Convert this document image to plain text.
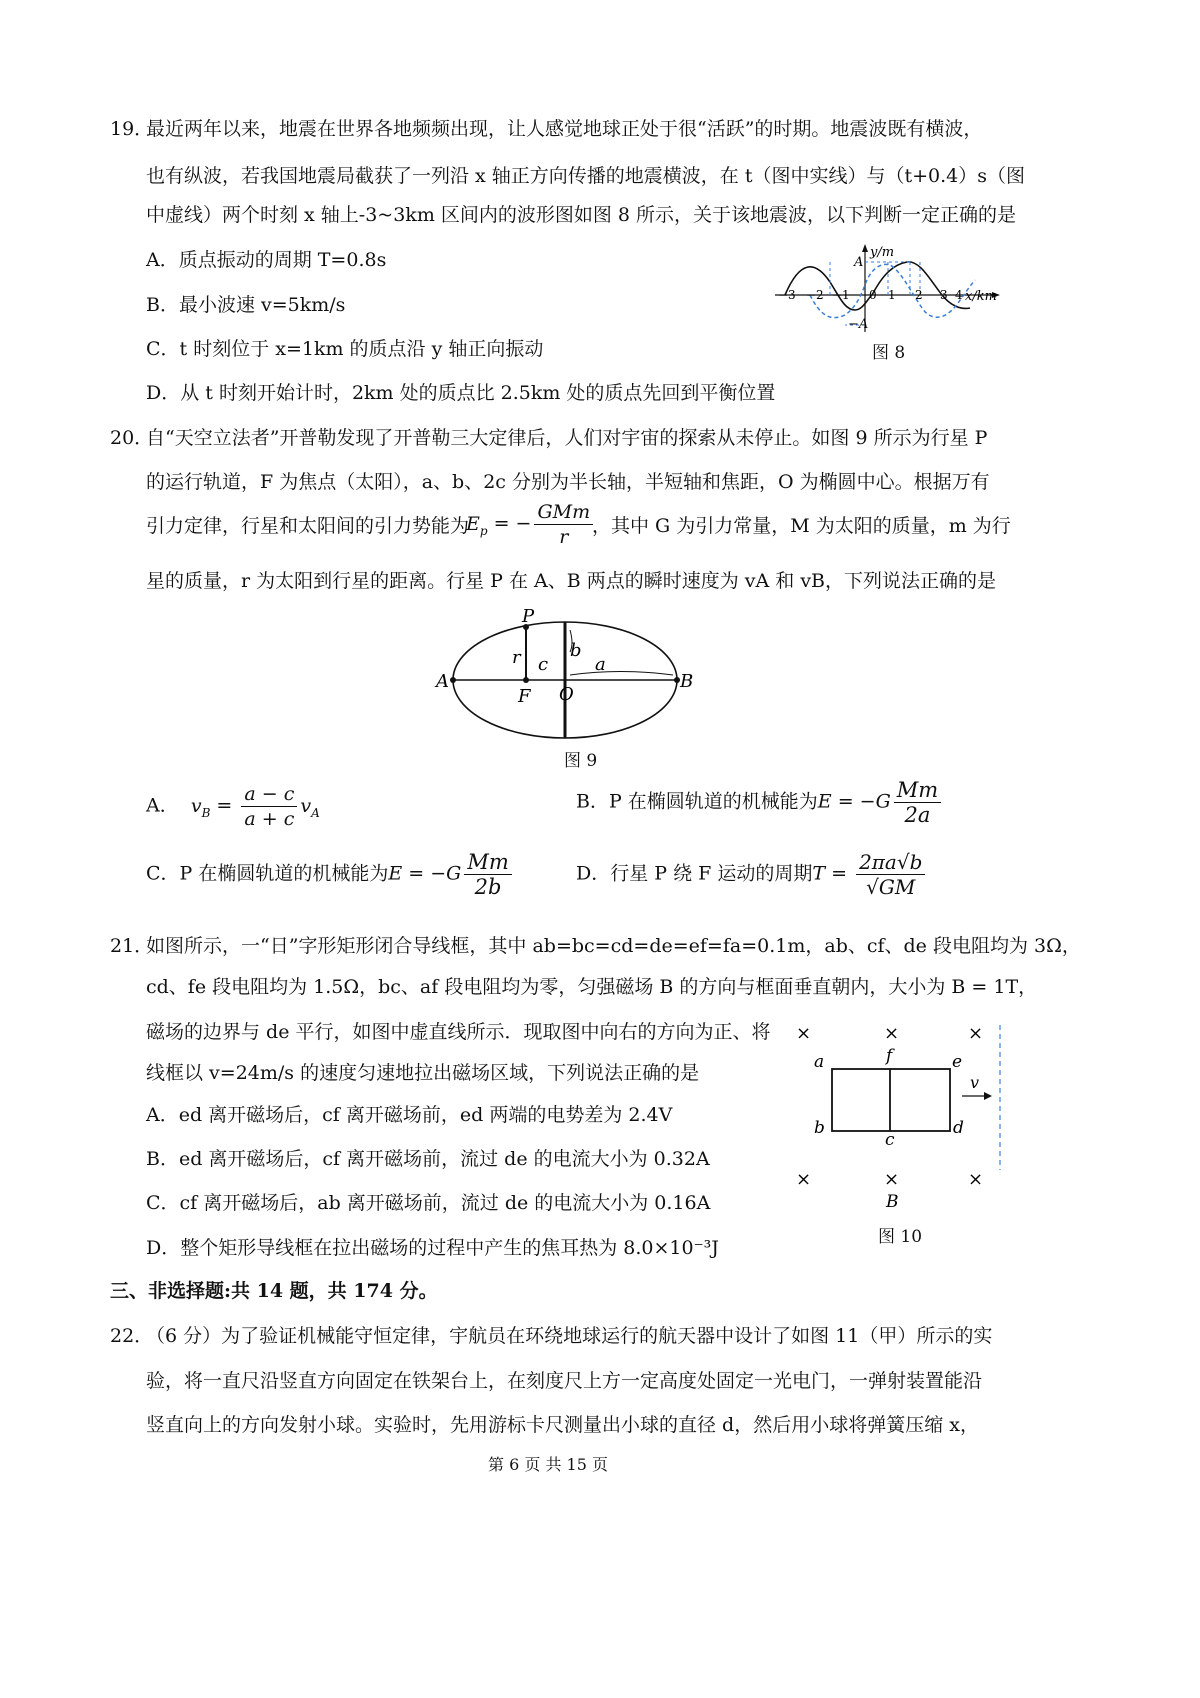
19．
最近两年以来，地震在世界各地频频出现，让人感觉地球正处于很“活跃”的时期。地震波既有横波，
也有纵波，若我国地震局截获了一列沿 x 轴正方向传播的地震横波，在 t（图中实线）与（t+0.4）s（图
中虚线）两个时刻 x 轴上-3~3km 区间内的波形图如图 8 所示，关于该地震波，以下判断一定正确的是
A．质点振动的周期 T=0.8s
B．最小波速 v=5km/s
C．t 时刻位于 x=1km 的质点沿 y 轴正向振动
D．从 t 时刻开始计时，2km 处的质点比 2.5km 处的质点先回到平衡位置
y/m
A
−A
x/km
−3 −2 −1 0 1 2 3 4
图 8
20．
自“天空立法者”开普勒发现了开普勒三大定律后，人们对宇宙的探索从未停止。如图 9 所示为行星 P
的运行轨道，F 为焦点（太阳），a、b、2c 分别为半长轴，半短轴和焦距，O 为椭圆中心。根据万有
引力定律，行星和太阳间的引力势能为
$E_p$ = − $\frac{\text{GMm}}{r}$
，其中 G 为引力常量，M 为太阳的质量，m 为行
星的质量，r 为太阳到行星的距离。行星 P 在 A、B 两点的瞬时速度为 vA 和 vB，下列说法正确的是
P
r c
b
a
A
F O
B
图 9
A． $v_B = \frac{a - c}{a + c} v_A$	B．P 在椭圆轨道的机械能为$E = -G \frac{Mm}{2a}$
C．P 在椭圆轨道的机械能为$E = -G \frac{Mm}{2b}$	D．行星 P 绕 F 运动的周期$T = \frac{2\pi a√b}{√GM}$
21．
如图所示，一“日”字形矩形闭合导线框，其中 ab=bc=cd=de=ef=fa=0.1m，ab、cf、de 段电阻均为 3Ω，
cd、fe 段电阻均为 1.5Ω，bc、af 段电阻均为零，匀强磁场 B 的方向与框面垂直朝内，大小为 B = 1T，
磁场的边界与 de 平行，如图中虚直线所示．现取图中向右的方向为正、将
线框以 v=24m/s 的速度匀速地拉出磁场区域，下列说法正确的是
A．ed 离开磁场后，cf 离开磁场前，ed 两端的电势差为 2.4V
B．ed 离开磁场后，cf 离开磁场前，流过 de 的电流大小为 0.32A
C．cf 离开磁场后，ab 离开磁场前，流过 de 的电流大小为 0.16A
D．整个矩形导线框在拉出磁场的过程中产生的焦耳热为 8.0×10⁻³J
×	×	×
×	×	×
a	f	e
b
c
d
v
B
图 10
三、非选择题:共 14 题，共 174 分。
22．
（6 分）为了验证机械能守恒定律，宇航员在环绕地球运行的航天器中设计了如图 11（甲）所示的实
验，将一直尺沿竖直方向固定在铁架台上，在刻度尺上方一定高度处固定一光电门，一弹射装置能沿
竖直向上的方向发射小球。实验时，先用游标卡尺测量出小球的直径 d，然后用小球将弹簧压缩 x，
第 6 页 共 15 页
